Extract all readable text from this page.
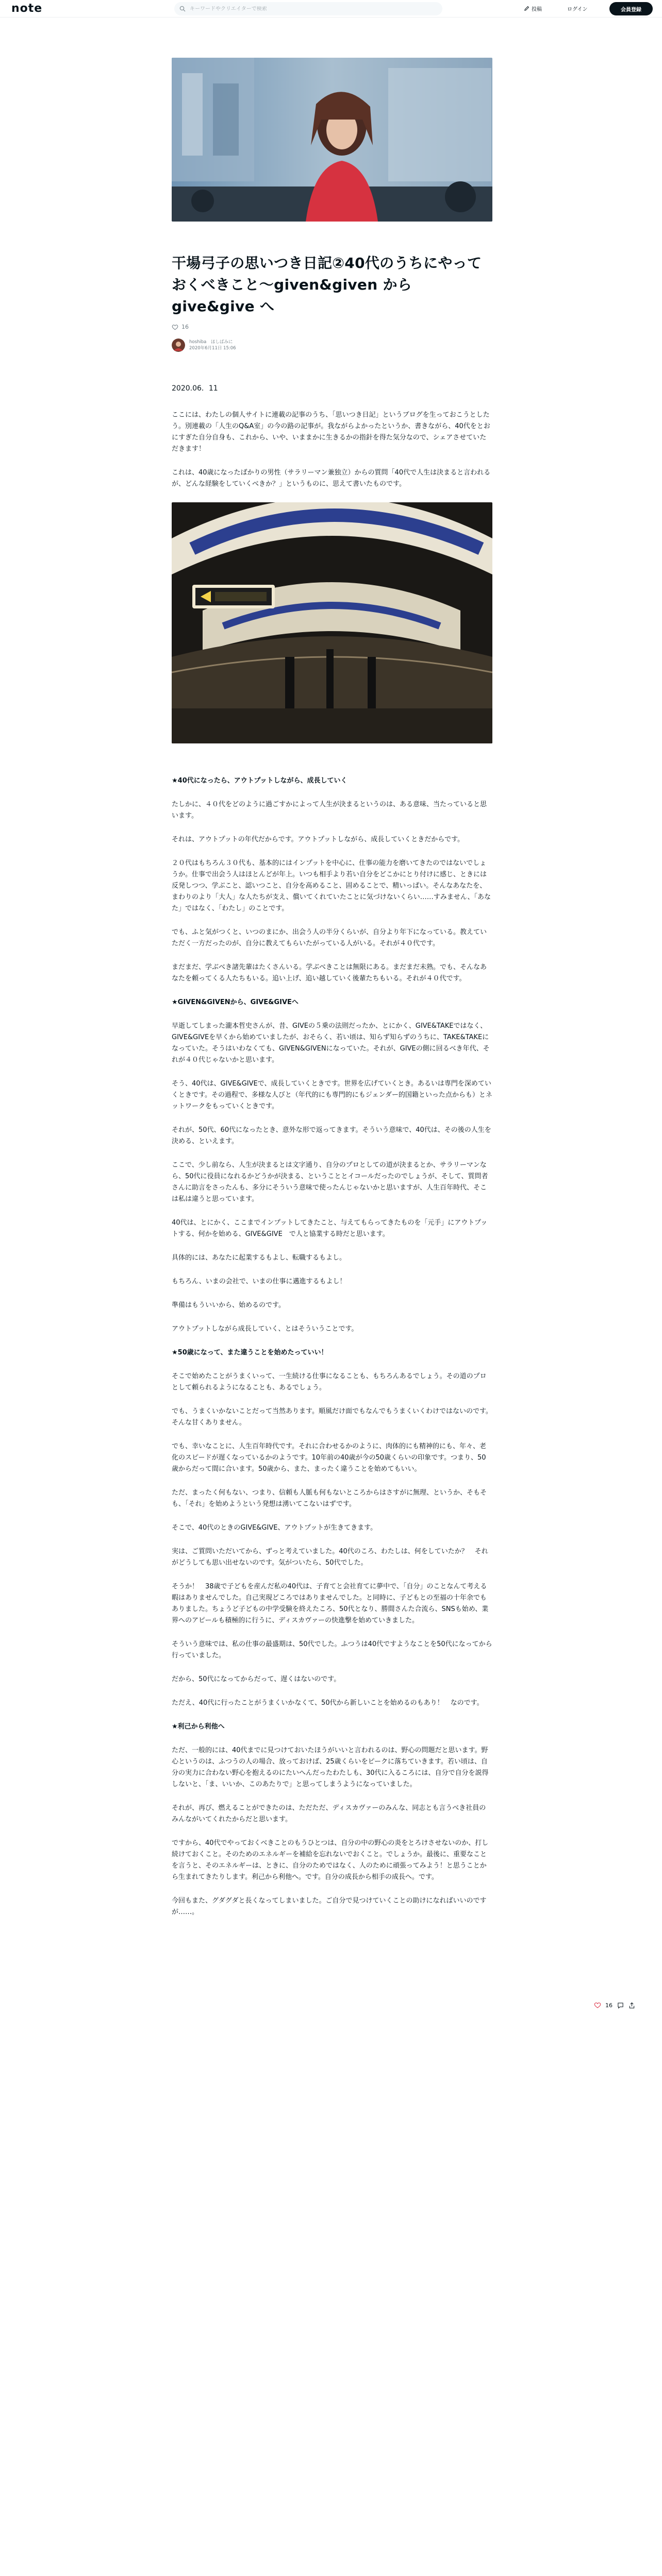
note
キーワードやクリエイターで検索	投稿	ログイン	会員登録
干場弓子の思いつき日記②40代のうちにやっておくべきこと〜given&given から give&give へ
16
hoshiba　ほしばみに
2020年6月11日 15:06

2020.06．11

ここには、わたしの個人サイトに連載の記事のうち、「思いつき日記」というブログを⽣っておこうとしたう。別連載の「人生のQ&A室」の今の路の記事が。我ながらよかったというか、書きながら、40代をとおにすぎた自分自身も、これから、いや、いままかに生きるかの指針を得た気分なので、シェアさせていただきます！

これは、40歳になったばかりの男性（サラリーマン兼独立）からの質問「40代で人生は決まると言われるが、どんな経験をしていくべきか？」というものに、思えて書いたものです。

★40代になったら、アウトプットしながら、成長していく

たしかに、４０代をどのように過ごすかによって人生が決まるというのは、ある意味、当たっていると思います。

それは、アウトプットの年代だからです。アウトプットしながら、成長していくときだからです。

２０代はもちろん３０代も、基本的にはインプットを中心に、仕事の能力を磨いてきたのではないでしょうか。仕事で出会う人はほとんどが年上。いつも相手より若い自分をどこかにとり付けに感じ、ときには反発しつつ、学ぶこと、認いつこと、自分を高めること、固めることで、精いっぱい。そんなあなたを、まわりのより「大人」な人たちが支え、償いてくれていたことに気づけないくらい……すみません、「あなた」ではなく、「わたし」のことです。

でも、ふと気がつくと、いつのまにか、出会う人の半分くらいが、自分より年下になっている。教えていただく一方だったのが、自分に教えてもらいたがっている人がいる。それが４０代です。

まだまだ、学ぶべき諸先輩はたくさんいる。学ぶべきことは無限にある。まだまだ未熟。でも、そんなあなたを頼ってくる人たちもいる。追い上げ、追い越していく後輩たちもいる。それが４０代です。

★GIVEN&GIVENから、GIVE&GIVEへ

早逝してしまった瀧本哲史さんが、昔、GIVEの５乗の法則だったか、とにかく、GIVE&TAKEではなく、GIVE&GIVEを早くから始めていましたが、おそらく、若い頃は、知らず知らずのうちに、TAKE&TAKEになっていた。そうはいわなくても、GIVEN&GIVENになっていた。それが、GIVEの側に回るべき年代、それが４０代じゃないかと思います。

そう、40代は、GIVE&GIVEで、成長していくときです。世界を広げていくとき。あるいは専門を深めていくときです。その過程で、多様な人びと（年代的にも専門的にもジェンダー的国籍といった点からも）とネットワークをもっていくときです。

それが、50代、60代になったとき、意外な形で返ってきます。そういう意味で、40代は、その後の人生を決める、といえます。

ここで、少し前なら、人生が決まるとは文字通り、自分のプロとしての道が決まるとか、サラリーマンなら、50代に役員になれるかどうかが決まる、ということとイコールだったのでしょうが、そして、質問者さんに助言をさったんも、多分にそういう意味で使ったんじゃないかと思いますが、人生百年時代、そこは私は違うと思っています。

40代は、とにかく、ここまでインプットしてきたこと、与えてもらってきたものを「元手」にアウトプットする、何かを始める、GIVE&GIVE　で人と協業する時だと思います。

具体的には、あなたに起業するもよし、転職するもよし。

もちろん、いまの会社で、いまの仕事に邁進するもよし！

準備はもういいから、始めるのです。

アウトプットしながら成長していく、とはそういうことです。

★50歳になって、また違うことを始めたっていい！

そこで始めたことがうまくいって、一生続ける仕事になることも、もちろんあるでしょう。その道のプロとして頼られるようになることも、あるでしょう。

でも、うまくいかないことだって当然あります。順風だけ面でもなんでもうまくいくわけではないのです。そんな甘くありません。

でも、幸いなことに、人生百年時代です。それに合わせるかのように、肉体的にも精神的にも、年々、老化のスピードが遅くなっているかのようです。10年前の40歳が今の50歳くらいの印象です。つまり、50歳からだって間に合います。50歳から、また、まったく違うことを始めてもいい。

ただ、まったく何もない、つまり、信頼も人脈も何もないところからはさすがに無理、というか、そもそも、「それ」を始めようという発想は湧いてこないはずです。

そこで、40代のときのGIVE&GIVE、アウトプットが生きてきます。

実は、ご質問いただいてから、ずっと考えていました。40代のころ、わたしは、何をしていたか？　それがどうしても思い出せないのです。気がついたら、50代でした。

そうか！　38歳で子どもを産んだ私の40代は、子育てと会社育てに夢中で、「自分」のことなんて考える暇はありませんでした。自己実現どころではありませんでした。と同時に、子どもとの至福の十年余でもありました。ちょうど子どもの中学受験を終えたころ、50代となり、勝間さんた合流ら、SNSも始め、業界へのアピールも積極的に行うに、ディスカヴァーの快進撃を始めていきました。

そういう意味では、私の仕事の最盛期は、50代でした。ふつうは40代ですようなことを50代になってから行っていました。

だから、50代になってからだって、遅くはないのです。

ただえ、40代に行ったことがうまくいかなくて、50代から新しいことを始めるのもあり！　なのです。

★利己から利他へ

ただ、一般的には、40代までに見つけておいたほうがいいと言われるのは、野心の問題だと思います。野心というのは、ふつうの人の場合、放っておけば、25歳くらいをピークに落ちていきます。若い頃は、自分の実力に合わない野心を抱えるのにたいへんだったわたしも、30代に入るころには、自分で自分を説得しないと、「ま、いいか、このあたりで」と思ってしまうようになっていました。

それが、再び、燃えることができたのは、ただただ、ディスカヴァーのみんな、同志とも言うべき社員のみんながいてくれたからだと思います。

ですから、40代でやっておくべきことのもうひとつは、自分の中の野心の炎をとろけさせないのか、打し続けておくこと。そのためのエネルギーを補給を忘れないでおくこと。でしょうか。最後に、重要なことを言うと、そのエネルギーは、ときに、自分のためではなく、人のために頑張ってみよう！と思うことから生まれてきたりします。利己から利他へ。です。自分の成長から相手の成長へ。です。

今回もまた、グダグダと長くなってしまいました。ご自分で見つけていくことの助けになればいいのですが……。

16
